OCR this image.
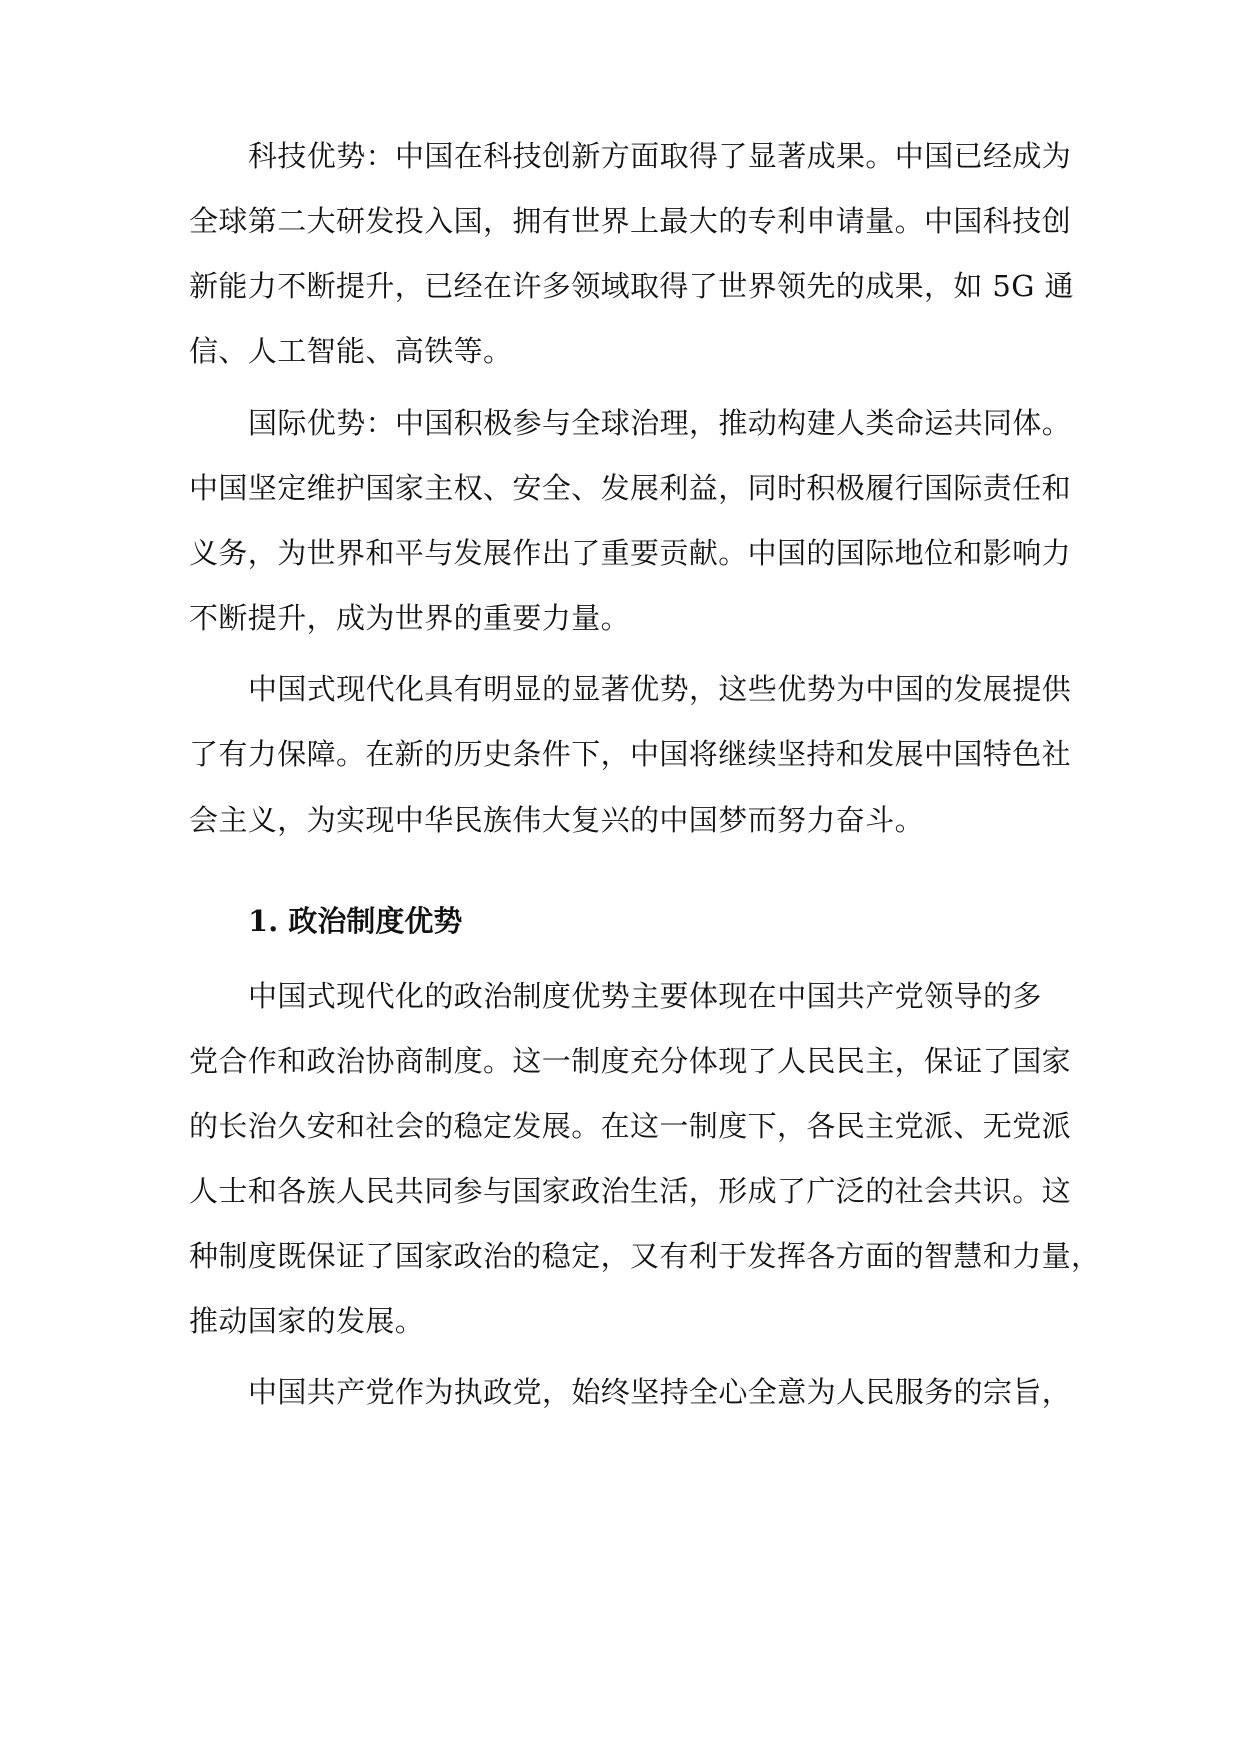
科技优势：中国在科技创新方面取得了显著成果。中国已经成为
全球第二大研发投入国，拥有世界上最大的专利申请量。中国科技创
新能力不断提升，已经在许多领域取得了世界领先的成果，如 5G 通
信、人工智能、高铁等。
国际优势：中国积极参与全球治理，推动构建人类命运共同体。
中国坚定维护国家主权、安全、发展利益，同时积极履行国际责任和
义务，为世界和平与发展作出了重要贡献。中国的国际地位和影响力
不断提升，成为世界的重要力量。
中国式现代化具有明显的显著优势，这些优势为中国的发展提供
了有力保障。在新的历史条件下，中国将继续坚持和发展中国特色社
会主义，为实现中华民族伟大复兴的中国梦而努力奋斗。
1. 政治制度优势
中国式现代化的政治制度优势主要体现在中国共产党领导的多
党合作和政治协商制度。这一制度充分体现了人民民主，保证了国家
的长治久安和社会的稳定发展。在这一制度下，各民主党派、无党派
人士和各族人民共同参与国家政治生活，形成了广泛的社会共识。这
种制度既保证了国家政治的稳定，又有利于发挥各方面的智慧和力量，
推动国家的发展。
中国共产党作为执政党，始终坚持全心全意为人民服务的宗旨，
